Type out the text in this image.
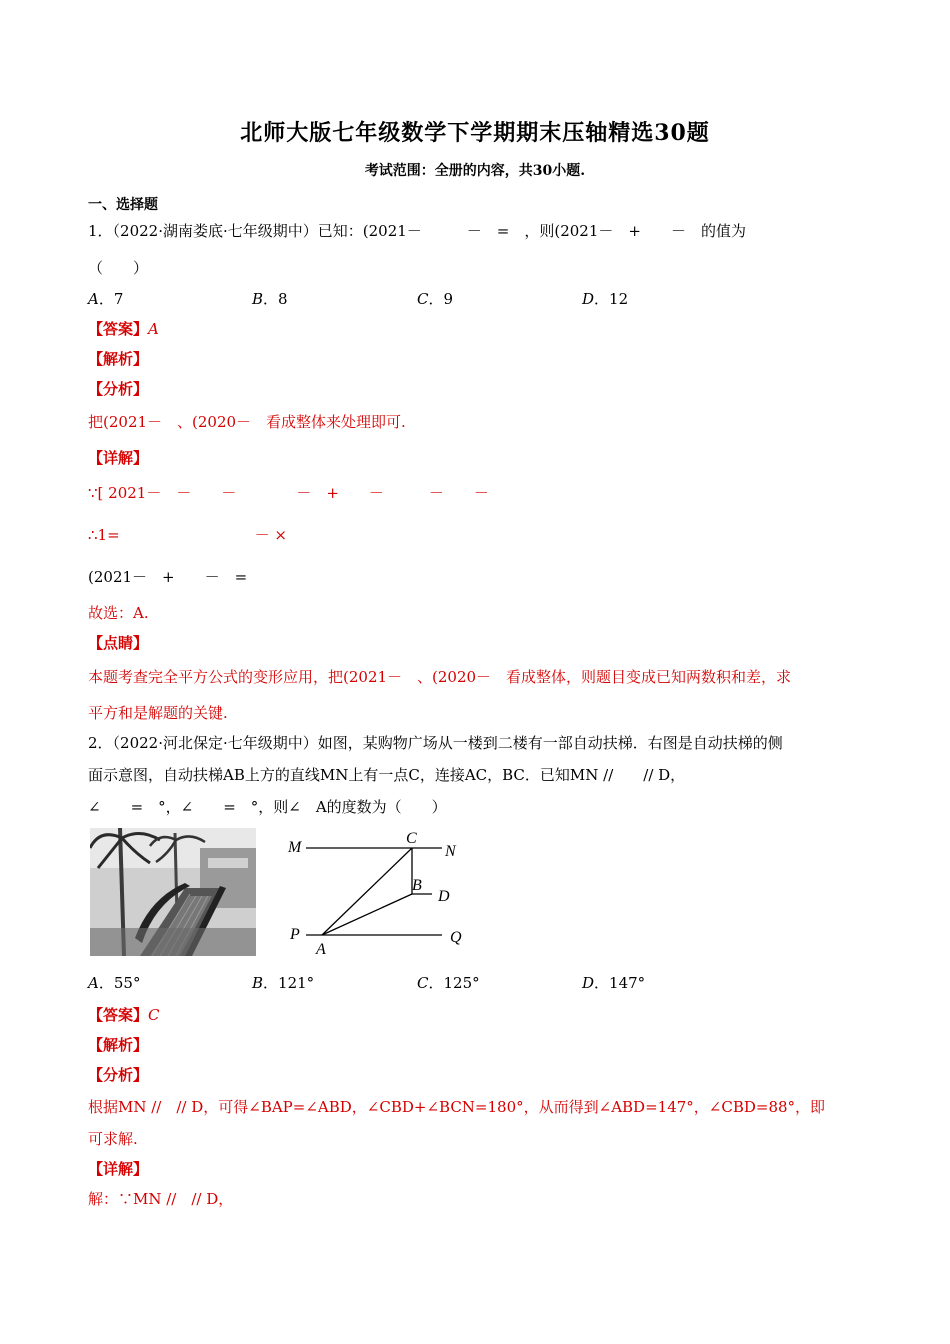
北师大版七年级数学下学期期末压轴精选30题
考试范围：全册的内容，共30小题.
一、选择题
1．（2022·湖南娄底·七年级期中）已知：(2021－　　　－　=　，则(2021－　+　　－　的值为
（　　）
A．7	B．8	C．9	D．12
【答案】A
【解析】
【分析】
把(2021－　、(2020－　看成整体来处理即可.
【详解】
∵[ 2021－　－　　－　　　　－　+　　－　　　－　　－
∴1=　　　　　　　　　－ ×
(2021－　+　　－　=
故选：A.
【点睛】
本题考查完全平方公式的变形应用，把(2021－　、(2020－　看成整体，则题目变成已知两数积和差，求
平方和是解题的关键.
2．（2022·河北保定·七年级期中）如图，某购物广场从一楼到二楼有一部自动扶梯．右图是自动扶梯的侧
面示意图，自动扶梯AB上方的直线MN上有一点C，连接AC，BC．已知MN //　　// D，
∠　　=　°，∠　　=　°，则∠　A的度数为（　　）
M
C
N
B
D
P
A
Q
A．55°	B．121°	C．125°	D．147°
【答案】C
【解析】
【分析】
根据MN //　// D，可得∠BAP=∠ABD，∠CBD+∠BCN=180°，从而得到∠ABD=147°，∠CBD=88°，即
可求解.
【详解】
解：∵MN //　// D，
